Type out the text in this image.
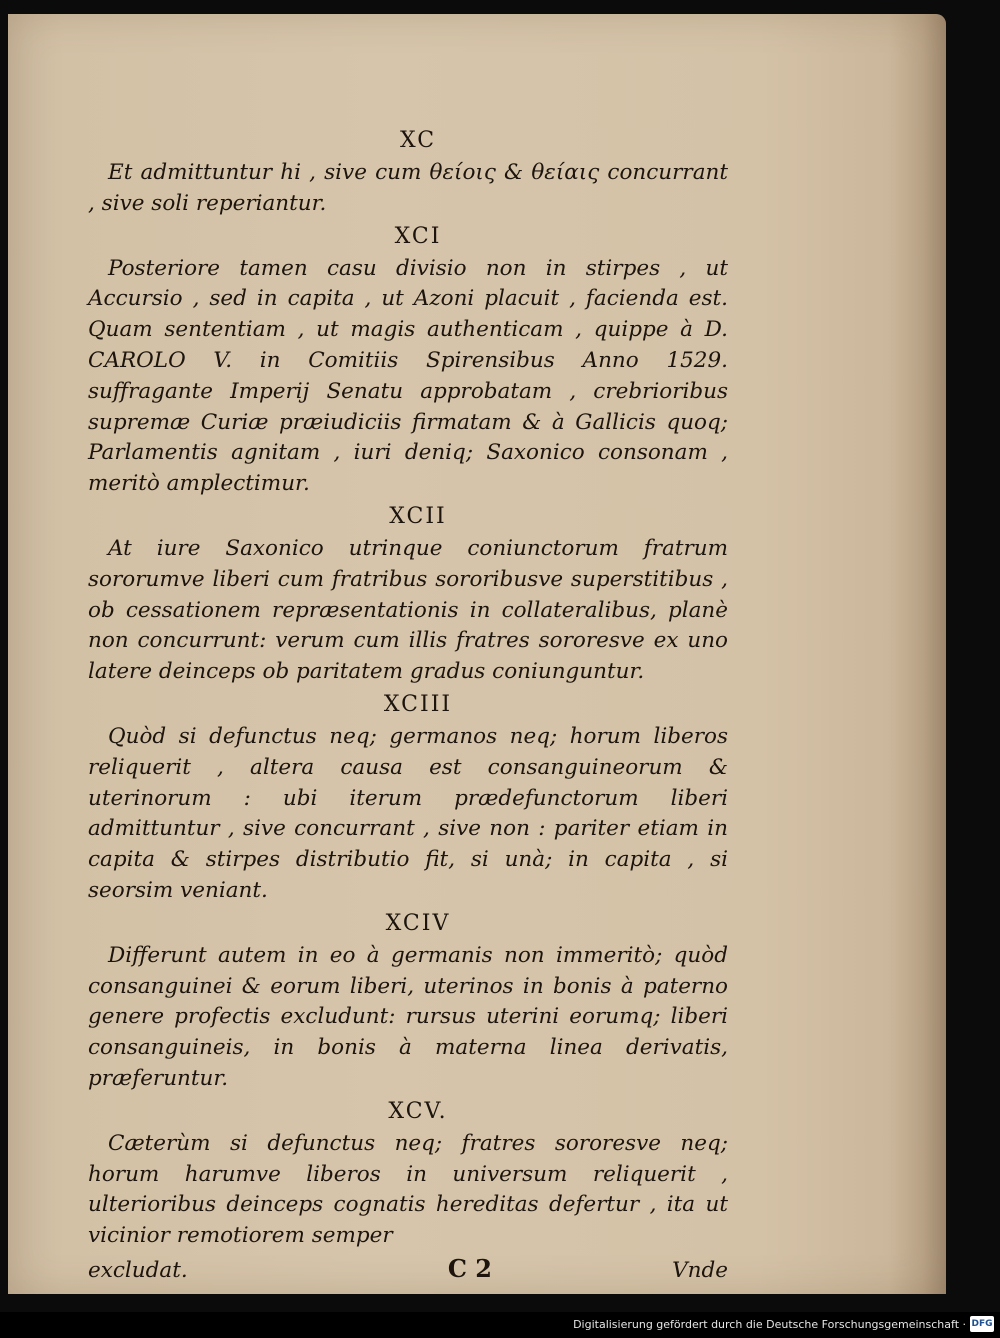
XC

Et admittuntur hi , sive cum θείοις & θείαις concurrant , sive soli reperiantur.

XCI

Posteriore tamen casu divisio non in stirpes , ut Accursio , sed in capita , ut Azoni placuit , facienda est. Quam sententiam , ut magis authenticam , quippe à D. CAROLO V. in Comitiis Spirensibus Anno 1529. suffragante Imperij Senatu approbatam , crebrioribus supremæ Curiæ præiudiciis firmatam & à Gallicis quoq; Parlamentis agnitam , iuri deniq; Saxonico consonam , meritò amplectimur.

XCII

At iure Saxonico utrinque coniunctorum fratrum sororumve liberi cum fratribus sororibusve superstitibus , ob cessationem repræsentationis in collateralibus, planè non concurrunt: verum cum illis fratres sororesve ex uno latere deinceps ob paritatem gradus coniunguntur.

XCIII

Quòd si defunctus neq; germanos neq; horum liberos reliquerit , altera causa est consanguineorum & uterinorum : ubi iterum prædefunctorum liberi admittuntur , sive concurrant , sive non : pariter etiam in capita & stirpes distributio fit, si unà; in capita , si seorsim veniant.

XCIV

Differunt autem in eo à germanis non immeritò; quòd consanguinei & eorum liberi, uterinos in bonis à paterno genere profectis excludunt: rursus uterini eorumq; liberi consanguineis, in bonis à materna linea derivatis, præferuntur.

XCV.

Cæterùm si defunctus neq; fratres sororesve neq; horum harumve liberos in universum reliquerit , ulterioribus deinceps cognatis hereditas defertur , ita ut vicinior remotiorem semper

excludat.	C 2	Vnde
Digitalisierung gefördert durch die Deutsche Forschungsgemeinschaft · DFG
